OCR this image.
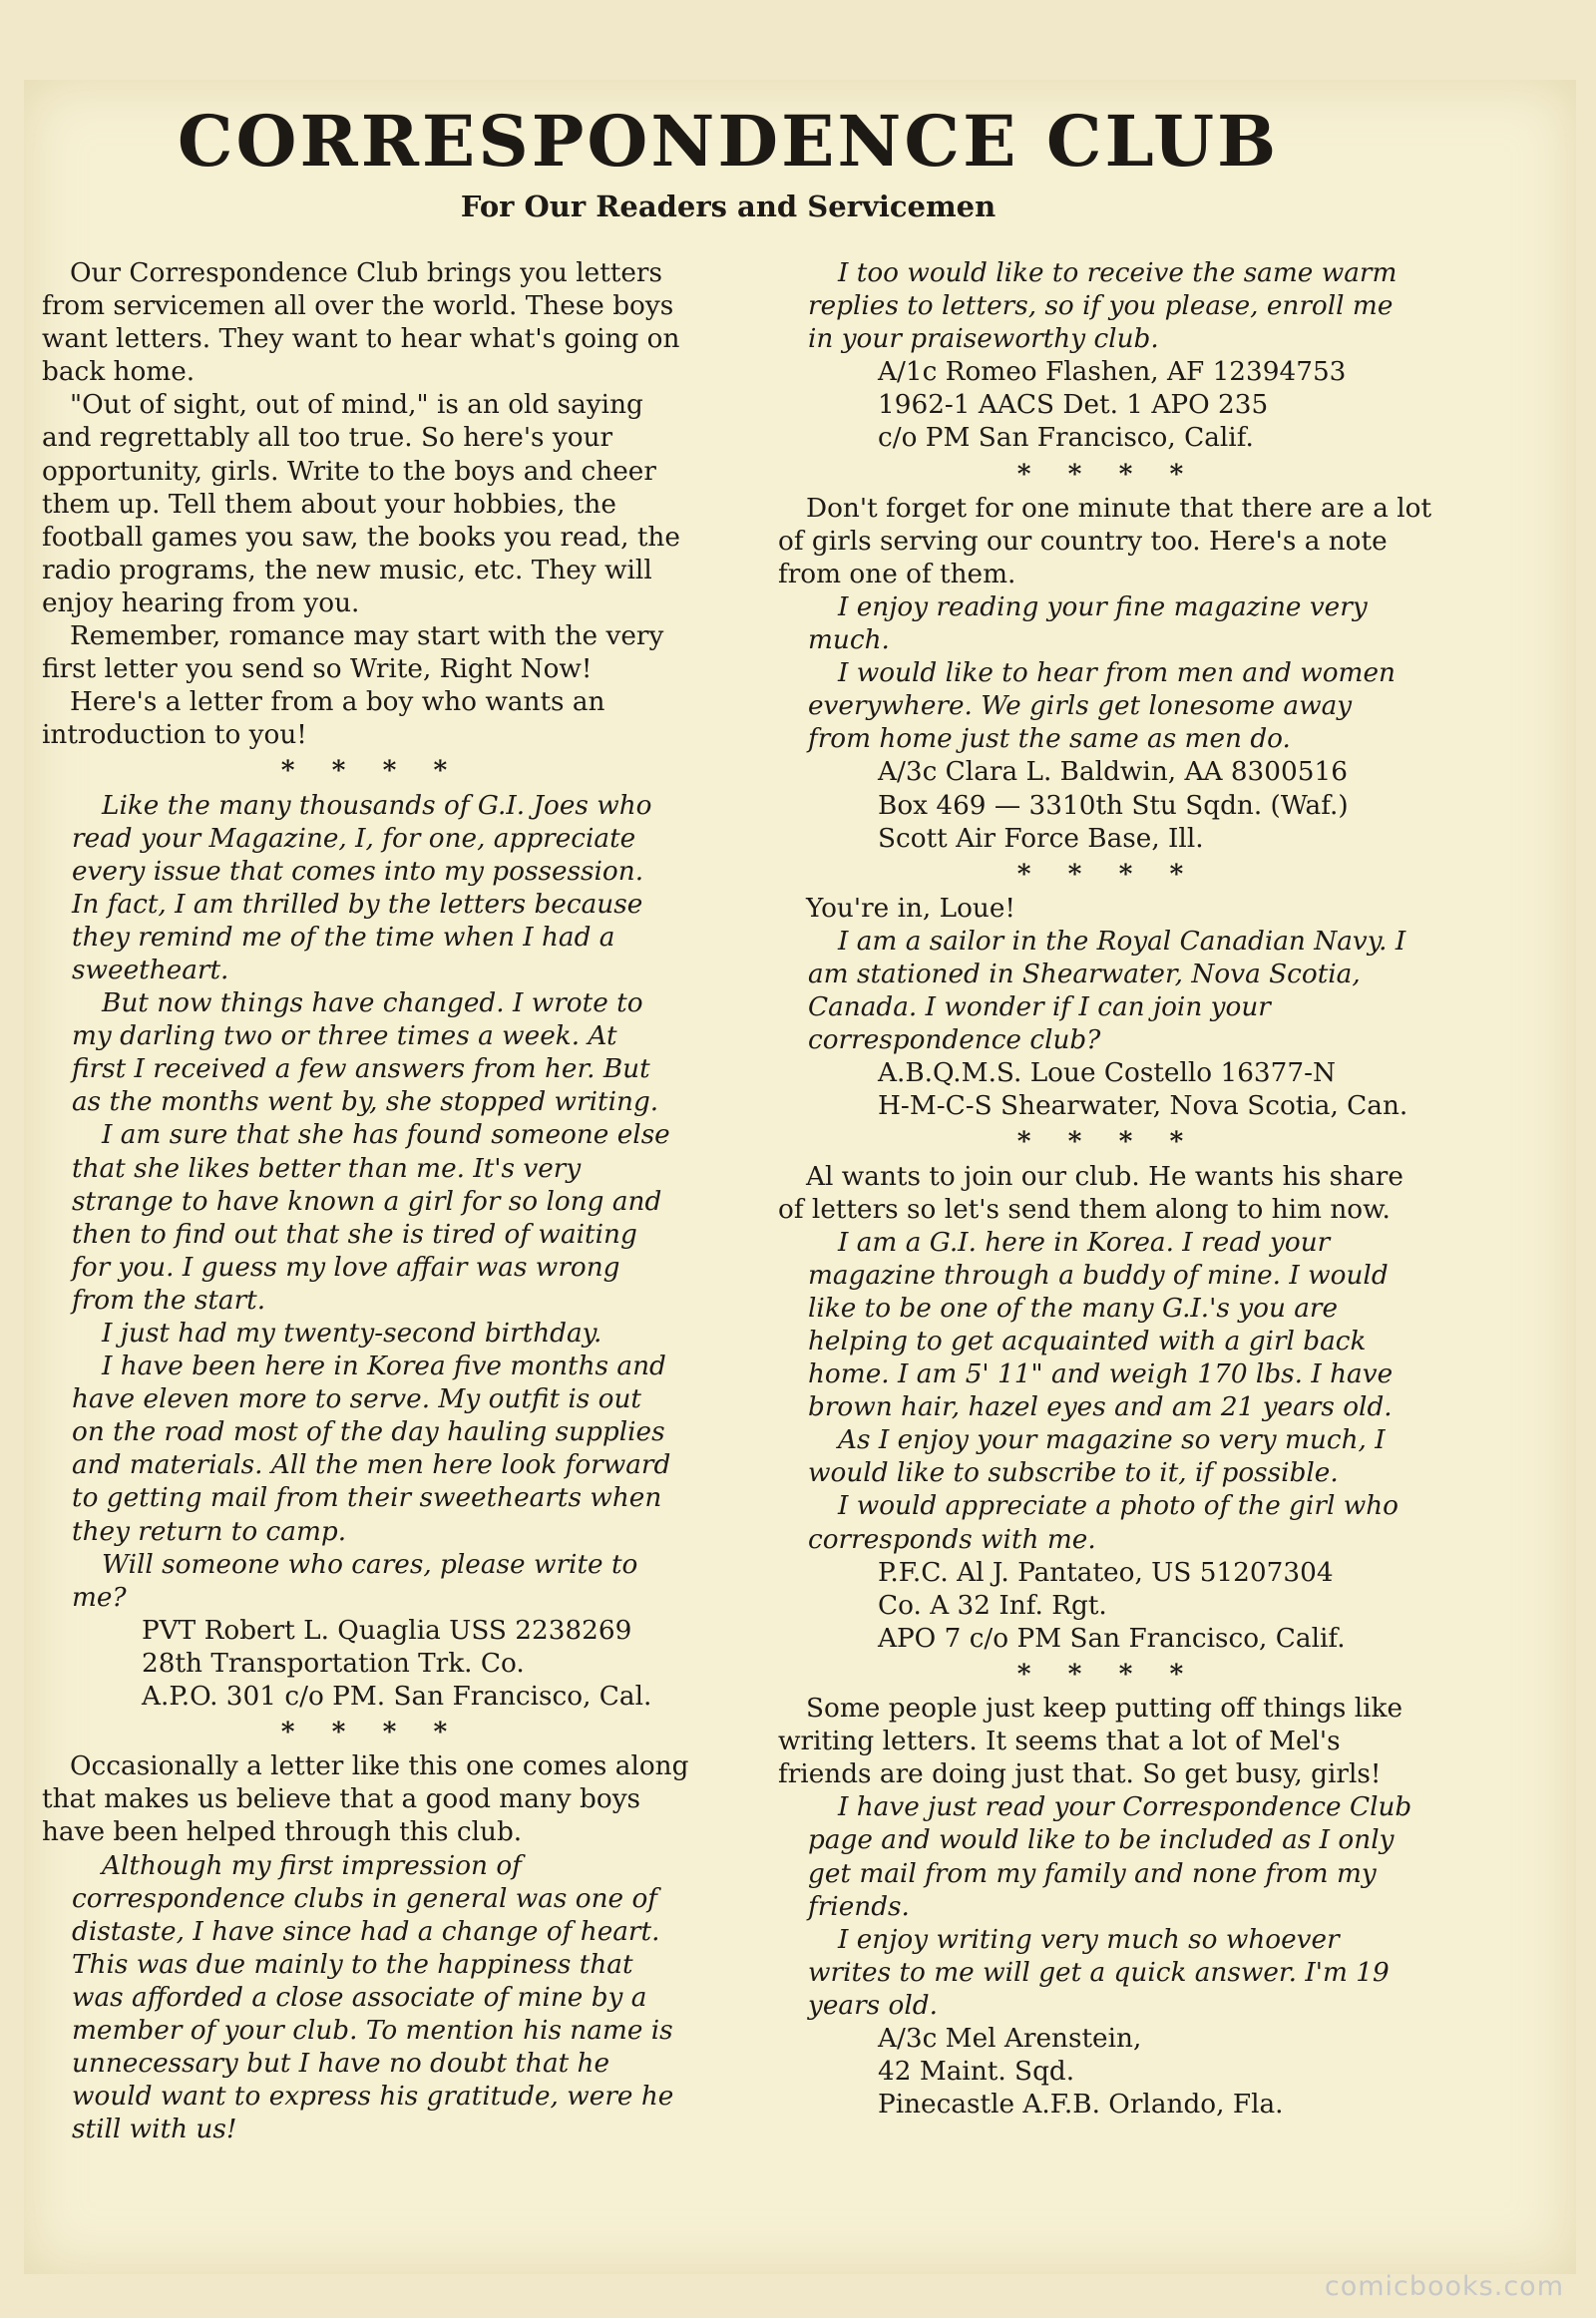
CORRESPONDENCE CLUB
For Our Readers and Servicemen

Our Correspondence Club brings you letters from servicemen all over the world. These boys want letters. They want to hear what's going on back home.

"Out of sight, out of mind," is an old saying and regrettably all too true. So here's your opportunity, girls. Write to the boys and cheer them up. Tell them about your hobbies, the football games you saw, the books you read, the radio programs, the new music, etc. They will enjoy hearing from you.

Remember, romance may start with the very first letter you send so Write, Right Now!

Here's a letter from a boy who wants an introduction to you!

* * * *

Like the many thousands of G.I. Joes who read your Magazine, I, for one, appreciate every issue that comes into my possession. In fact, I am thrilled by the letters because they remind me of the time when I had a sweetheart.

But now things have changed. I wrote to my darling two or three times a week. At first I received a few answers from her. But as the months went by, she stopped writing.

I am sure that she has found someone else that she likes better than me. It's very strange to have known a girl for so long and then to find out that she is tired of waiting for you. I guess my love affair was wrong from the start.

I just had my twenty-second birthday.

I have been here in Korea five months and have eleven more to serve. My outfit is out on the road most of the day hauling supplies and materials. All the men here look forward to getting mail from their sweethearts when they return to camp.

Will someone who cares, please write to me?

PVT Robert L. Quaglia USS 2238269

28th Transportation Trk. Co.

A.P.O. 301 c/o PM. San Francisco, Cal.

* * * *

Occasionally a letter like this one comes along that makes us believe that a good many boys have been helped through this club.

Although my first impression of correspondence clubs in general was one of distaste, I have since had a change of heart. This was due mainly to the happiness that was afforded a close associate of mine by a member of your club. To mention his name is unnecessary but I have no doubt that he would want to express his gratitude, were he still with us!

I too would like to receive the same warm replies to letters, so if you please, enroll me in your praiseworthy club.

A/1c Romeo Flashen, AF 12394753

1962-1 AACS Det. 1 APO 235

c/o PM San Francisco, Calif.

* * * *

Don't forget for one minute that there are a lot of girls serving our country too. Here's a note from one of them.

I enjoy reading your fine magazine very much.

I would like to hear from men and women everywhere. We girls get lonesome away from home just the same as men do.

A/3c Clara L. Baldwin, AA 8300516

Box 469 — 3310th Stu Sqdn. (Waf.)

Scott Air Force Base, Ill.

* * * *

You're in, Loue!

I am a sailor in the Royal Canadian Navy. I am stationed in Shearwater, Nova Scotia, Canada. I wonder if I can join your correspondence club?

A.B.Q.M.S. Loue Costello 16377-N

H-M-C-S Shearwater, Nova Scotia, Can.

* * * *

Al wants to join our club. He wants his share of letters so let's send them along to him now.

I am a G.I. here in Korea. I read your magazine through a buddy of mine. I would like to be one of the many G.I.'s you are helping to get acquainted with a girl back home. I am 5' 11" and weigh 170 lbs. I have brown hair, hazel eyes and am 21 years old.

As I enjoy your magazine so very much, I would like to subscribe to it, if possible.

I would appreciate a photo of the girl who corresponds with me.

P.F.C. Al J. Pantateo, US 51207304

Co. A 32 Inf. Rgt.

APO 7 c/o PM San Francisco, Calif.

* * * *

Some people just keep putting off things like writing letters. It seems that a lot of Mel's friends are doing just that. So get busy, girls!

I have just read your Correspondence Club page and would like to be included as I only get mail from my family and none from my friends.

I enjoy writing very much so whoever writes to me will get a quick answer. I'm 19 years old.

A/3c Mel Arenstein,

42 Maint. Sqd.

Pinecastle A.F.B. Orlando, Fla.

comicbooks.com
